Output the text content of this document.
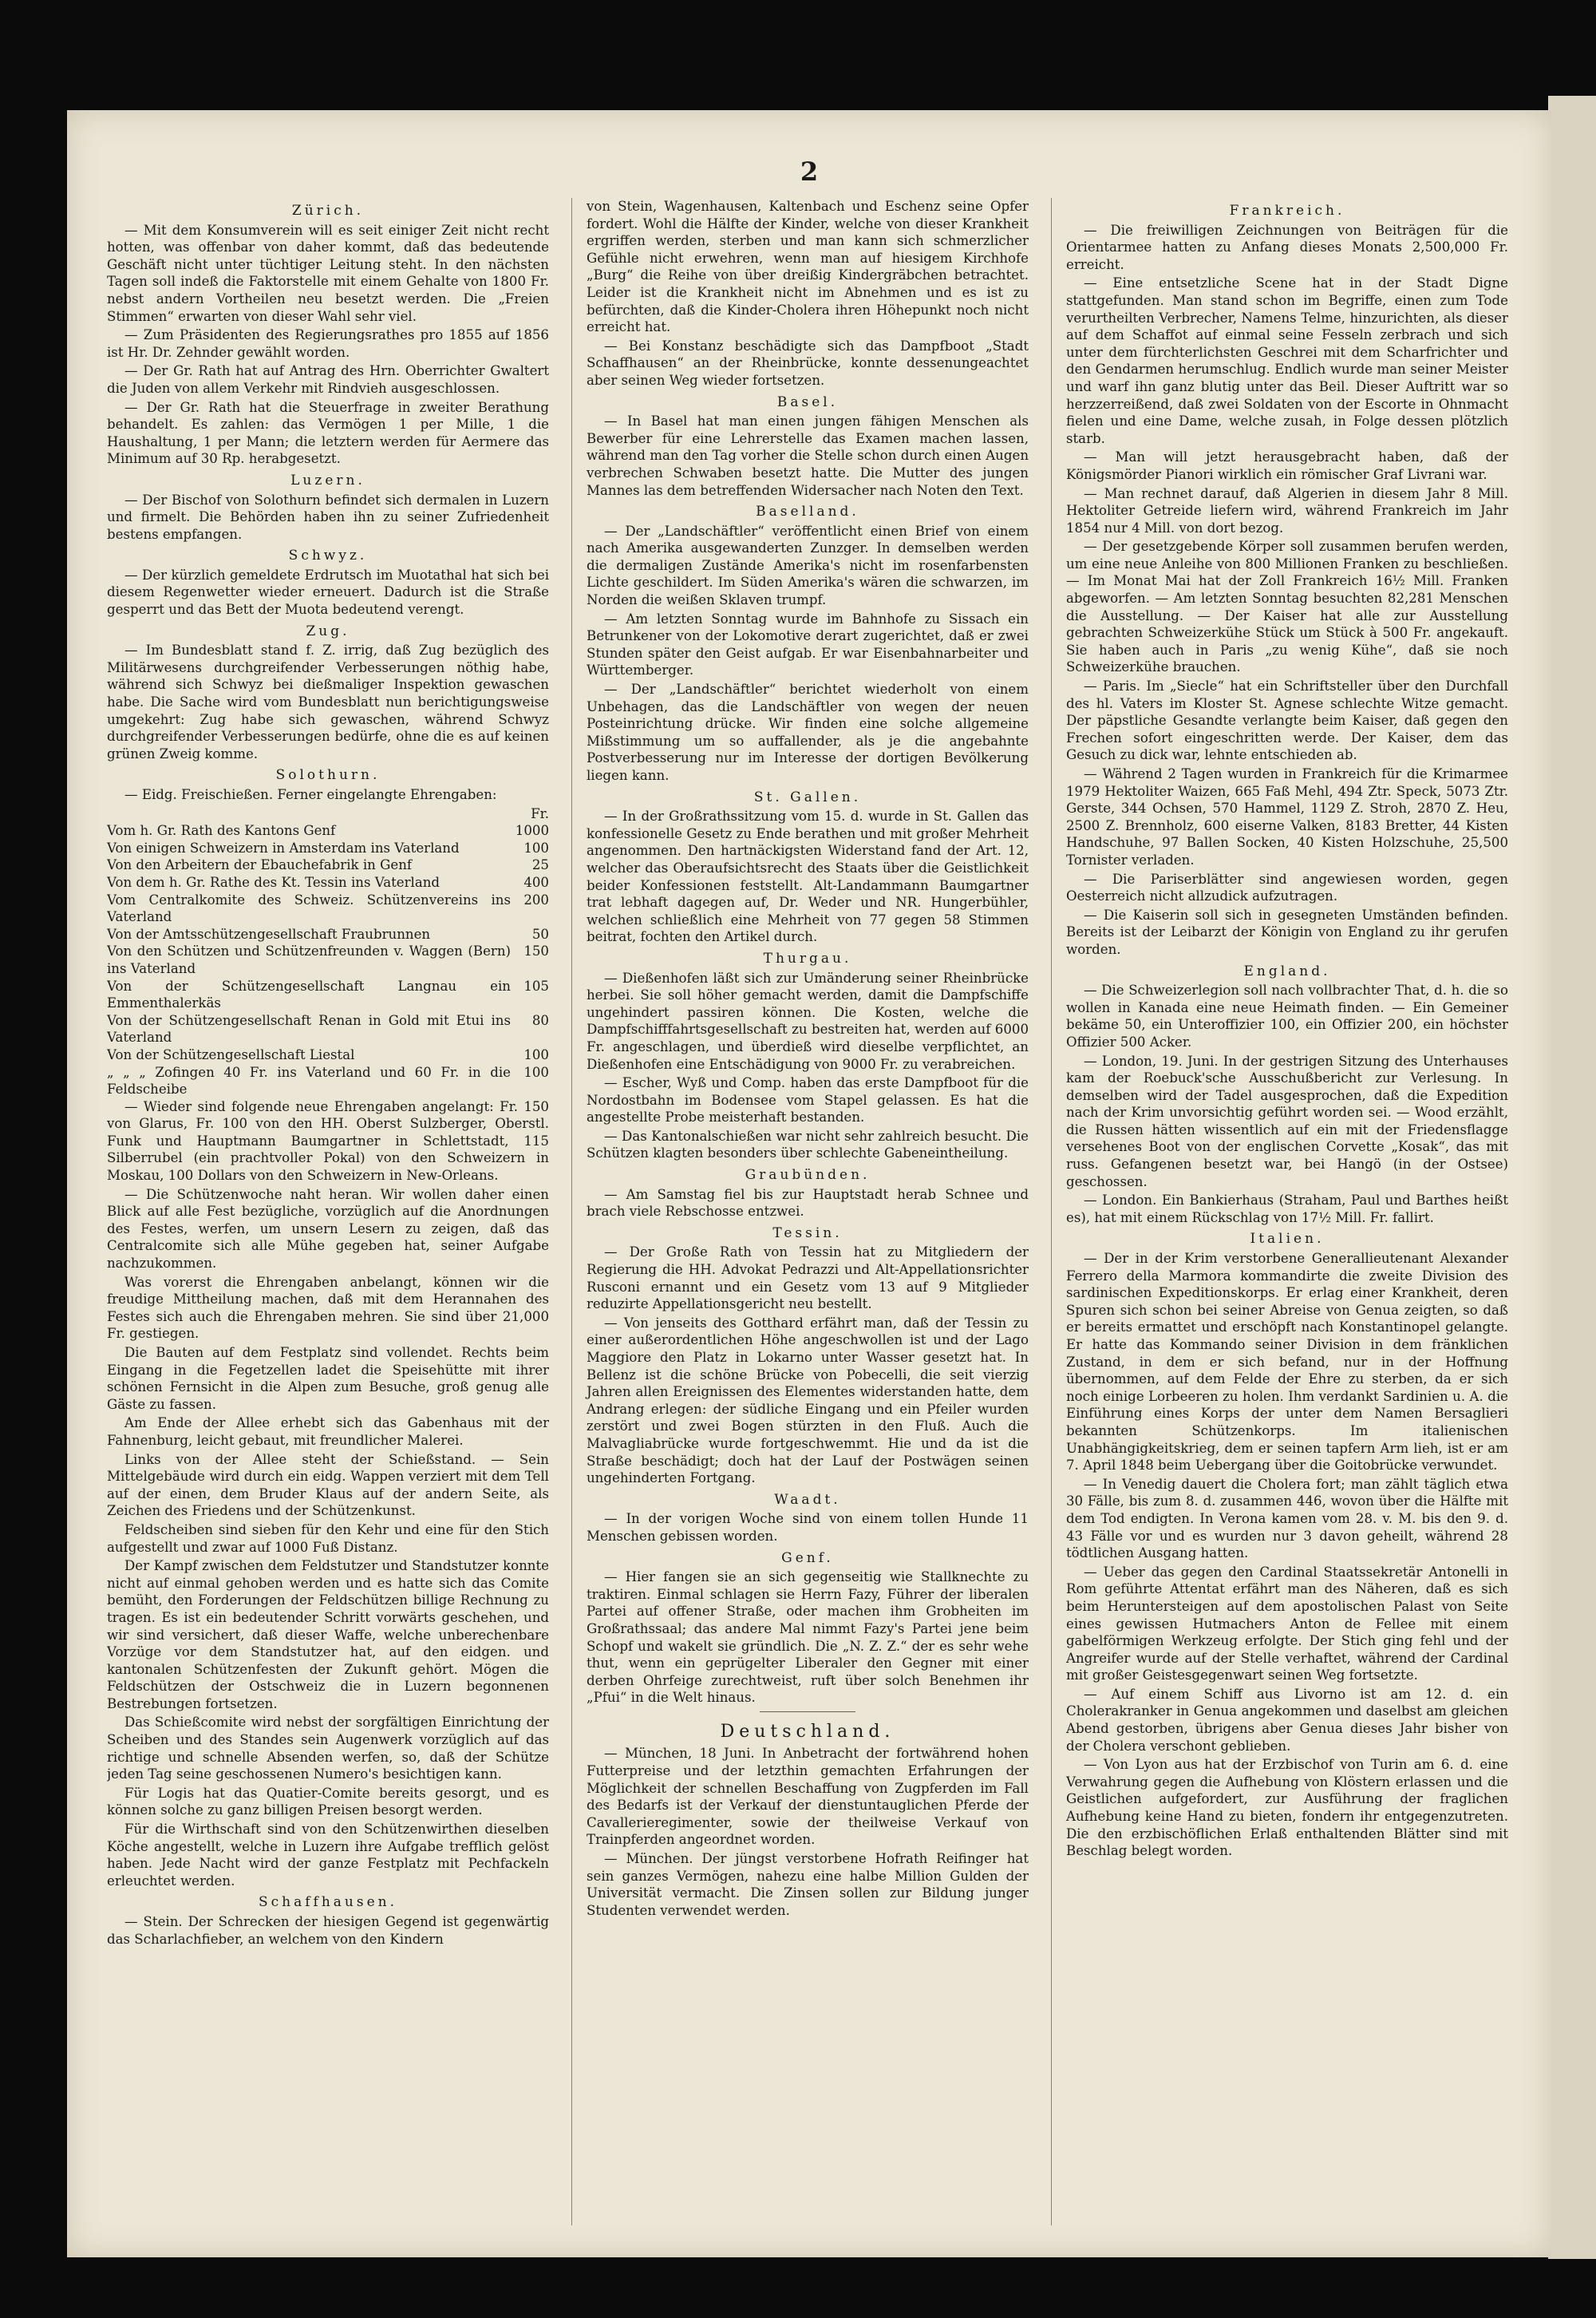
2
Zürich.

— Mit dem Konsumverein will es seit einiger Zeit nicht recht hotten, was offenbar von daher kommt, daß das bedeutende Geschäft nicht unter tüchtiger Leitung steht. In den nächsten Tagen soll indeß die Faktorstelle mit einem Gehalte von 1800 Fr. nebst andern Vortheilen neu besetzt werden. Die „Freien Stimmen“ erwarten von dieser Wahl sehr viel.

— Zum Präsidenten des Regierungsrathes pro 1855 auf 1856 ist Hr. Dr. Zehnder gewählt worden.

— Der Gr. Rath hat auf Antrag des Hrn. Oberrichter Gwaltert die Juden von allem Verkehr mit Rindvieh ausgeschlossen.

— Der Gr. Rath hat die Steuerfrage in zweiter Berathung behandelt. Es zahlen: das Vermögen 1 per Mille, 1 die Haushaltung, 1 per Mann; die letztern werden für Aermere das Minimum auf 30 Rp. herabgesetzt.

Luzern.

— Der Bischof von Solothurn befindet sich dermalen in Luzern und firmelt. Die Behörden haben ihn zu seiner Zufriedenheit bestens empfangen.

Schwyz.

— Der kürzlich gemeldete Erdrutsch im Muotathal hat sich bei diesem Regenwetter wieder erneuert. Dadurch ist die Straße gesperrt und das Bett der Muota bedeutend verengt.

Zug.

— Im Bundesblatt stand f. Z. irrig, daß Zug bezüglich des Militärwesens durchgreifender Verbesserungen nöthig habe, während sich Schwyz bei dießmaliger Inspektion gewaschen habe. Die Sache wird vom Bundesblatt nun berichtigungsweise umgekehrt: Zug habe sich gewaschen, während Schwyz durchgreifender Verbesserungen bedürfe, ohne die es auf keinen grünen Zweig komme.

Solothurn.

— Eidg. Freischießen. Ferner eingelangte Ehrengaben:

	Fr.
Vom h. Gr. Rath des Kantons Genf	1000
Von einigen Schweizern in Amsterdam ins Vaterland	100
Von den Arbeitern der Ebauchefabrik in Genf	25
Von dem h. Gr. Rathe des Kt. Tessin ins Vaterland	400
Vom Centralkomite des Schweiz. Schützenvereins ins Vaterland	200
Von der Amtsschützengesellschaft Fraubrunnen	50
Von den Schützen und Schützenfreunden v. Waggen (Bern) ins Vaterland	150
Von der Schützengesellschaft Langnau ein Emmenthalerkäs	105
Von der Schützengesellschaft Renan in Gold mit Etui ins Vaterland	80
Von der Schützengesellschaft Liestal	100
„ „ „ Zofingen 40 Fr. ins Vaterland und 60 Fr. in die Feldscheibe	100

— Wieder sind folgende neue Ehrengaben angelangt: Fr. 150 von Glarus, Fr. 100 von den HH. Oberst Sulzberger, Oberstl. Funk und Hauptmann Baumgartner in Schlettstadt, 115 Silberrubel (ein prachtvoller Pokal) von den Schweizern in Moskau, 100 Dollars von den Schweizern in New-Orleans.

— Die Schützenwoche naht heran. Wir wollen daher einen Blick auf alle Fest bezügliche, vorzüglich auf die Anordnungen des Festes, werfen, um unsern Lesern zu zeigen, daß das Centralcomite sich alle Mühe gegeben hat, seiner Aufgabe nachzukommen.

Was vorerst die Ehrengaben anbelangt, können wir die freudige Mittheilung machen, daß mit dem Herannahen des Festes sich auch die Ehrengaben mehren. Sie sind über 21,000 Fr. gestiegen.

Die Bauten auf dem Festplatz sind vollendet. Rechts beim Eingang in die Fegetzellen ladet die Speisehütte mit ihrer schönen Fernsicht in die Alpen zum Besuche, groß genug alle Gäste zu fassen.

Am Ende der Allee erhebt sich das Gabenhaus mit der Fahnenburg, leicht gebaut, mit freundlicher Malerei.

Links von der Allee steht der Schießstand. — Sein Mittelgebäude wird durch ein eidg. Wappen verziert mit dem Tell auf der einen, dem Bruder Klaus auf der andern Seite, als Zeichen des Friedens und der Schützenkunst.

Feldscheiben sind sieben für den Kehr und eine für den Stich aufgestellt und zwar auf 1000 Fuß Distanz.

Der Kampf zwischen dem Feldstutzer und Standstutzer konnte nicht auf einmal gehoben werden und es hatte sich das Comite bemüht, den Forderungen der Feldschützen billige Rechnung zu tragen. Es ist ein bedeutender Schritt vorwärts geschehen, und wir sind versichert, daß dieser Waffe, welche unberechenbare Vorzüge vor dem Standstutzer hat, auf den eidgen. und kantonalen Schützenfesten der Zukunft gehört. Mögen die Feldschützen der Ostschweiz die in Luzern begonnenen Bestrebungen fortsetzen.

Das Schießcomite wird nebst der sorgfältigen Einrichtung der Scheiben und des Standes sein Augenwerk vorzüglich auf das richtige und schnelle Absenden werfen, so, daß der Schütze jeden Tag seine geschossenen Numero's besichtigen kann.

Für Logis hat das Quatier-Comite bereits gesorgt, und es können solche zu ganz billigen Preisen besorgt werden.

Für die Wirthschaft sind von den Schützenwirthen dieselben Köche angestellt, welche in Luzern ihre Aufgabe trefflich gelöst haben. Jede Nacht wird der ganze Festplatz mit Pechfackeln erleuchtet werden.

Schaffhausen.

— Stein. Der Schrecken der hiesigen Gegend ist gegenwärtig das Scharlachfieber, an welchem von den Kindern

von Stein, Wagenhausen, Kaltenbach und Eschenz seine Opfer fordert. Wohl die Hälfte der Kinder, welche von dieser Krankheit ergriffen werden, sterben und man kann sich schmerzlicher Gefühle nicht erwehren, wenn man auf hiesigem Kirchhofe „Burg“ die Reihe von über dreißig Kindergräbchen betrachtet. Leider ist die Krankheit nicht im Abnehmen und es ist zu befürchten, daß die Kinder-Cholera ihren Höhepunkt noch nicht erreicht hat.

— Bei Konstanz beschädigte sich das Dampfboot „Stadt Schaffhausen“ an der Rheinbrücke, konnte dessenungeachtet aber seinen Weg wieder fortsetzen.

Basel.

— In Basel hat man einen jungen fähigen Menschen als Bewerber für eine Lehrerstelle das Examen machen lassen, während man den Tag vorher die Stelle schon durch einen Augen verbrechen Schwaben besetzt hatte. Die Mutter des jungen Mannes las dem betreffenden Widersacher nach Noten den Text.

Baselland.

— Der „Landschäftler“ veröffentlicht einen Brief von einem nach Amerika ausgewanderten Zunzger. In demselben werden die dermaligen Zustände Amerika's nicht im rosenfarbensten Lichte geschildert. Im Süden Amerika's wären die schwarzen, im Norden die weißen Sklaven trumpf.

— Am letzten Sonntag wurde im Bahnhofe zu Sissach ein Betrunkener von der Lokomotive derart zugerichtet, daß er zwei Stunden später den Geist aufgab. Er war Eisenbahnarbeiter und Württemberger.

— Der „Landschäftler“ berichtet wiederholt von einem Unbehagen, das die Landschäftler von wegen der neuen Posteinrichtung drücke. Wir finden eine solche allgemeine Mißstimmung um so auffallender, als je die angebahnte Postverbesserung nur im Interesse der dortigen Bevölkerung liegen kann.

St. Gallen.

— In der Großrathssitzung vom 15. d. wurde in St. Gallen das konfessionelle Gesetz zu Ende berathen und mit großer Mehrheit angenommen. Den hartnäckigsten Widerstand fand der Art. 12, welcher das Oberaufsichtsrecht des Staats über die Geistlichkeit beider Konfessionen feststellt. Alt-Landammann Baumgartner trat lebhaft dagegen auf, Dr. Weder und NR. Hungerbühler, welchen schließlich eine Mehrheit von 77 gegen 58 Stimmen beitrat, fochten den Artikel durch.

Thurgau.

— Dießenhofen läßt sich zur Umänderung seiner Rheinbrücke herbei. Sie soll höher gemacht werden, damit die Dampfschiffe ungehindert passiren können. Die Kosten, welche die Dampfschifffahrtsgesellschaft zu bestreiten hat, werden auf 6000 Fr. angeschlagen, und überdieß wird dieselbe verpflichtet, an Dießenhofen eine Entschädigung von 9000 Fr. zu verabreichen.

— Escher, Wyß und Comp. haben das erste Dampfboot für die Nordostbahn im Bodensee vom Stapel gelassen. Es hat die angestellte Probe meisterhaft bestanden.

— Das Kantonalschießen war nicht sehr zahlreich besucht. Die Schützen klagten besonders über schlechte Gabeneintheilung.

Graubünden.

— Am Samstag fiel bis zur Hauptstadt herab Schnee und brach viele Rebschosse entzwei.

Tessin.

— Der Große Rath von Tessin hat zu Mitgliedern der Regierung die HH. Advokat Pedrazzi und Alt-Appellationsrichter Rusconi ernannt und ein Gesetz vom 13 auf 9 Mitglieder reduzirte Appellationsgericht neu bestellt.

— Von jenseits des Gotthard erfährt man, daß der Tessin zu einer außerordentlichen Höhe angeschwollen ist und der Lago Maggiore den Platz in Lokarno unter Wasser gesetzt hat. In Bellenz ist die schöne Brücke von Pobecelli, die seit vierzig Jahren allen Ereignissen des Elementes widerstanden hatte, dem Andrang erlegen: der südliche Eingang und ein Pfeiler wurden zerstört und zwei Bogen stürzten in den Fluß. Auch die Malvagliabrücke wurde fortgeschwemmt. Hie und da ist die Straße beschädigt; doch hat der Lauf der Postwägen seinen ungehinderten Fortgang.

Waadt.

— In der vorigen Woche sind von einem tollen Hunde 11 Menschen gebissen worden.

Genf.

— Hier fangen sie an sich gegenseitig wie Stallknechte zu traktiren. Einmal schlagen sie Herrn Fazy, Führer der liberalen Partei auf offener Straße, oder machen ihm Grobheiten im Großrathssaal; das andere Mal nimmt Fazy's Partei jene beim Schopf und wakelt sie gründlich. Die „N. Z. Z.“ der es sehr wehe thut, wenn ein geprügelter Liberaler den Gegner mit einer derben Ohrfeige zurechtweist, ruft über solch Benehmen ihr „Pfui“ in die Welt hinaus.

Deutschland.

— München, 18 Juni. In Anbetracht der fortwährend hohen Futterpreise und der letzthin gemachten Erfahrungen der Möglichkeit der schnellen Beschaffung von Zugpferden im Fall des Bedarfs ist der Verkauf der dienstuntauglichen Pferde der Cavallerieregimenter, sowie der theilweise Verkauf von Trainpferden angeordnet worden.

— München. Der jüngst verstorbene Hofrath Reifinger hat sein ganzes Vermögen, nahezu eine halbe Million Gulden der Universität vermacht. Die Zinsen sollen zur Bildung junger Studenten verwendet werden.

Frankreich.

— Die freiwilligen Zeichnungen von Beiträgen für die Orientarmee hatten zu Anfang dieses Monats 2,500,000 Fr. erreicht.

— Eine entsetzliche Scene hat in der Stadt Digne stattgefunden. Man stand schon im Begriffe, einen zum Tode verurtheilten Verbrecher, Namens Telme, hinzurichten, als dieser auf dem Schaffot auf einmal seine Fesseln zerbrach und sich unter dem fürchterlichsten Geschrei mit dem Scharfrichter und den Gendarmen herumschlug. Endlich wurde man seiner Meister und warf ihn ganz blutig unter das Beil. Dieser Auftritt war so herzzerreißend, daß zwei Soldaten von der Escorte in Ohnmacht fielen und eine Dame, welche zusah, in Folge dessen plötzlich starb.

— Man will jetzt herausgebracht haben, daß der Königsmörder Pianori wirklich ein römischer Graf Livrani war.

— Man rechnet darauf, daß Algerien in diesem Jahr 8 Mill. Hektoliter Getreide liefern wird, während Frankreich im Jahr 1854 nur 4 Mill. von dort bezog.

— Der gesetzgebende Körper soll zusammen berufen werden, um eine neue Anleihe von 800 Millionen Franken zu beschließen. — Im Monat Mai hat der Zoll Frankreich 16½ Mill. Franken abgeworfen. — Am letzten Sonntag besuchten 82,281 Menschen die Ausstellung. — Der Kaiser hat alle zur Ausstellung gebrachten Schweizerkühe Stück um Stück à 500 Fr. angekauft. Sie haben auch in Paris „zu wenig Kühe“, daß sie noch Schweizerkühe brauchen.

— Paris. Im „Siecle“ hat ein Schriftsteller über den Durchfall des hl. Vaters im Kloster St. Agnese schlechte Witze gemacht. Der päpstliche Gesandte verlangte beim Kaiser, daß gegen den Frechen sofort eingeschritten werde. Der Kaiser, dem das Gesuch zu dick war, lehnte entschieden ab.

— Während 2 Tagen wurden in Frankreich für die Krimarmee 1979 Hektoliter Waizen, 665 Faß Mehl, 494 Ztr. Speck, 5073 Ztr. Gerste, 344 Ochsen, 570 Hammel, 1129 Z. Stroh, 2870 Z. Heu, 2500 Z. Brennholz, 600 eiserne Valken, 8183 Bretter, 44 Kisten Handschuhe, 97 Ballen Socken, 40 Kisten Holzschuhe, 25,500 Tornister verladen.

— Die Pariserblätter sind angewiesen worden, gegen Oesterreich nicht allzudick aufzutragen.

— Die Kaiserin soll sich in gesegneten Umständen befinden. Bereits ist der Leibarzt der Königin von England zu ihr gerufen worden.

England.

— Die Schweizerlegion soll nach vollbrachter That, d. h. die so wollen in Kanada eine neue Heimath finden. — Ein Gemeiner bekäme 50, ein Unteroffizier 100, ein Offizier 200, ein höchster Offizier 500 Acker.

— London, 19. Juni. In der gestrigen Sitzung des Unterhauses kam der Roebuck'sche Ausschußbericht zur Verlesung. In demselben wird der Tadel ausgesprochen, daß die Expedition nach der Krim unvorsichtig geführt worden sei. — Wood erzählt, die Russen hätten wissentlich auf ein mit der Friedensflagge versehenes Boot von der englischen Corvette „Kosak“, das mit russ. Gefangenen besetzt war, bei Hangö (in der Ostsee) geschossen.

— London. Ein Bankierhaus (Straham, Paul und Barthes heißt es), hat mit einem Rückschlag von 17½ Mill. Fr. fallirt.

Italien.

— Der in der Krim verstorbene Generallieutenant Alexander Ferrero della Marmora kommandirte die zweite Division des sardinischen Expeditionskorps. Er erlag einer Krankheit, deren Spuren sich schon bei seiner Abreise von Genua zeigten, so daß er bereits ermattet und erschöpft nach Konstantinopel gelangte. Er hatte das Kommando seiner Division in dem fränklichen Zustand, in dem er sich befand, nur in der Hoffnung übernommen, auf dem Felde der Ehre zu sterben, da er sich noch einige Lorbeeren zu holen. Ihm verdankt Sardinien u. A. die Einführung eines Korps der unter dem Namen Bersaglieri bekannten Schützenkorps. Im italienischen Unabhängigkeitskrieg, dem er seinen tapfern Arm lieh, ist er am 7. April 1848 beim Uebergang über die Goitobrücke verwundet.

— In Venedig dauert die Cholera fort; man zählt täglich etwa 30 Fälle, bis zum 8. d. zusammen 446, wovon über die Hälfte mit dem Tod endigten. In Verona kamen vom 28. v. M. bis den 9. d. 43 Fälle vor und es wurden nur 3 davon geheilt, während 28 tödtlichen Ausgang hatten.

— Ueber das gegen den Cardinal Staatssekretär Antonelli in Rom geführte Attentat erfährt man des Näheren, daß es sich beim Heruntersteigen auf dem apostolischen Palast von Seite eines gewissen Hutmachers Anton de Fellee mit einem gabelförmigen Werkzeug erfolgte. Der Stich ging fehl und der Angreifer wurde auf der Stelle verhaftet, während der Cardinal mit großer Geistesgegenwart seinen Weg fortsetzte.

— Auf einem Schiff aus Livorno ist am 12. d. ein Cholerakranker in Genua angekommen und daselbst am gleichen Abend gestorben, übrigens aber Genua dieses Jahr bisher von der Cholera verschont geblieben.

— Von Lyon aus hat der Erzbischof von Turin am 6. d. eine Verwahrung gegen die Aufhebung von Klöstern erlassen und die Geistlichen aufgefordert, zur Ausführung der fraglichen Aufhebung keine Hand zu bieten, fondern ihr entgegenzutreten. Die den erzbischöflichen Erlaß enthaltenden Blätter sind mit Beschlag belegt worden.
